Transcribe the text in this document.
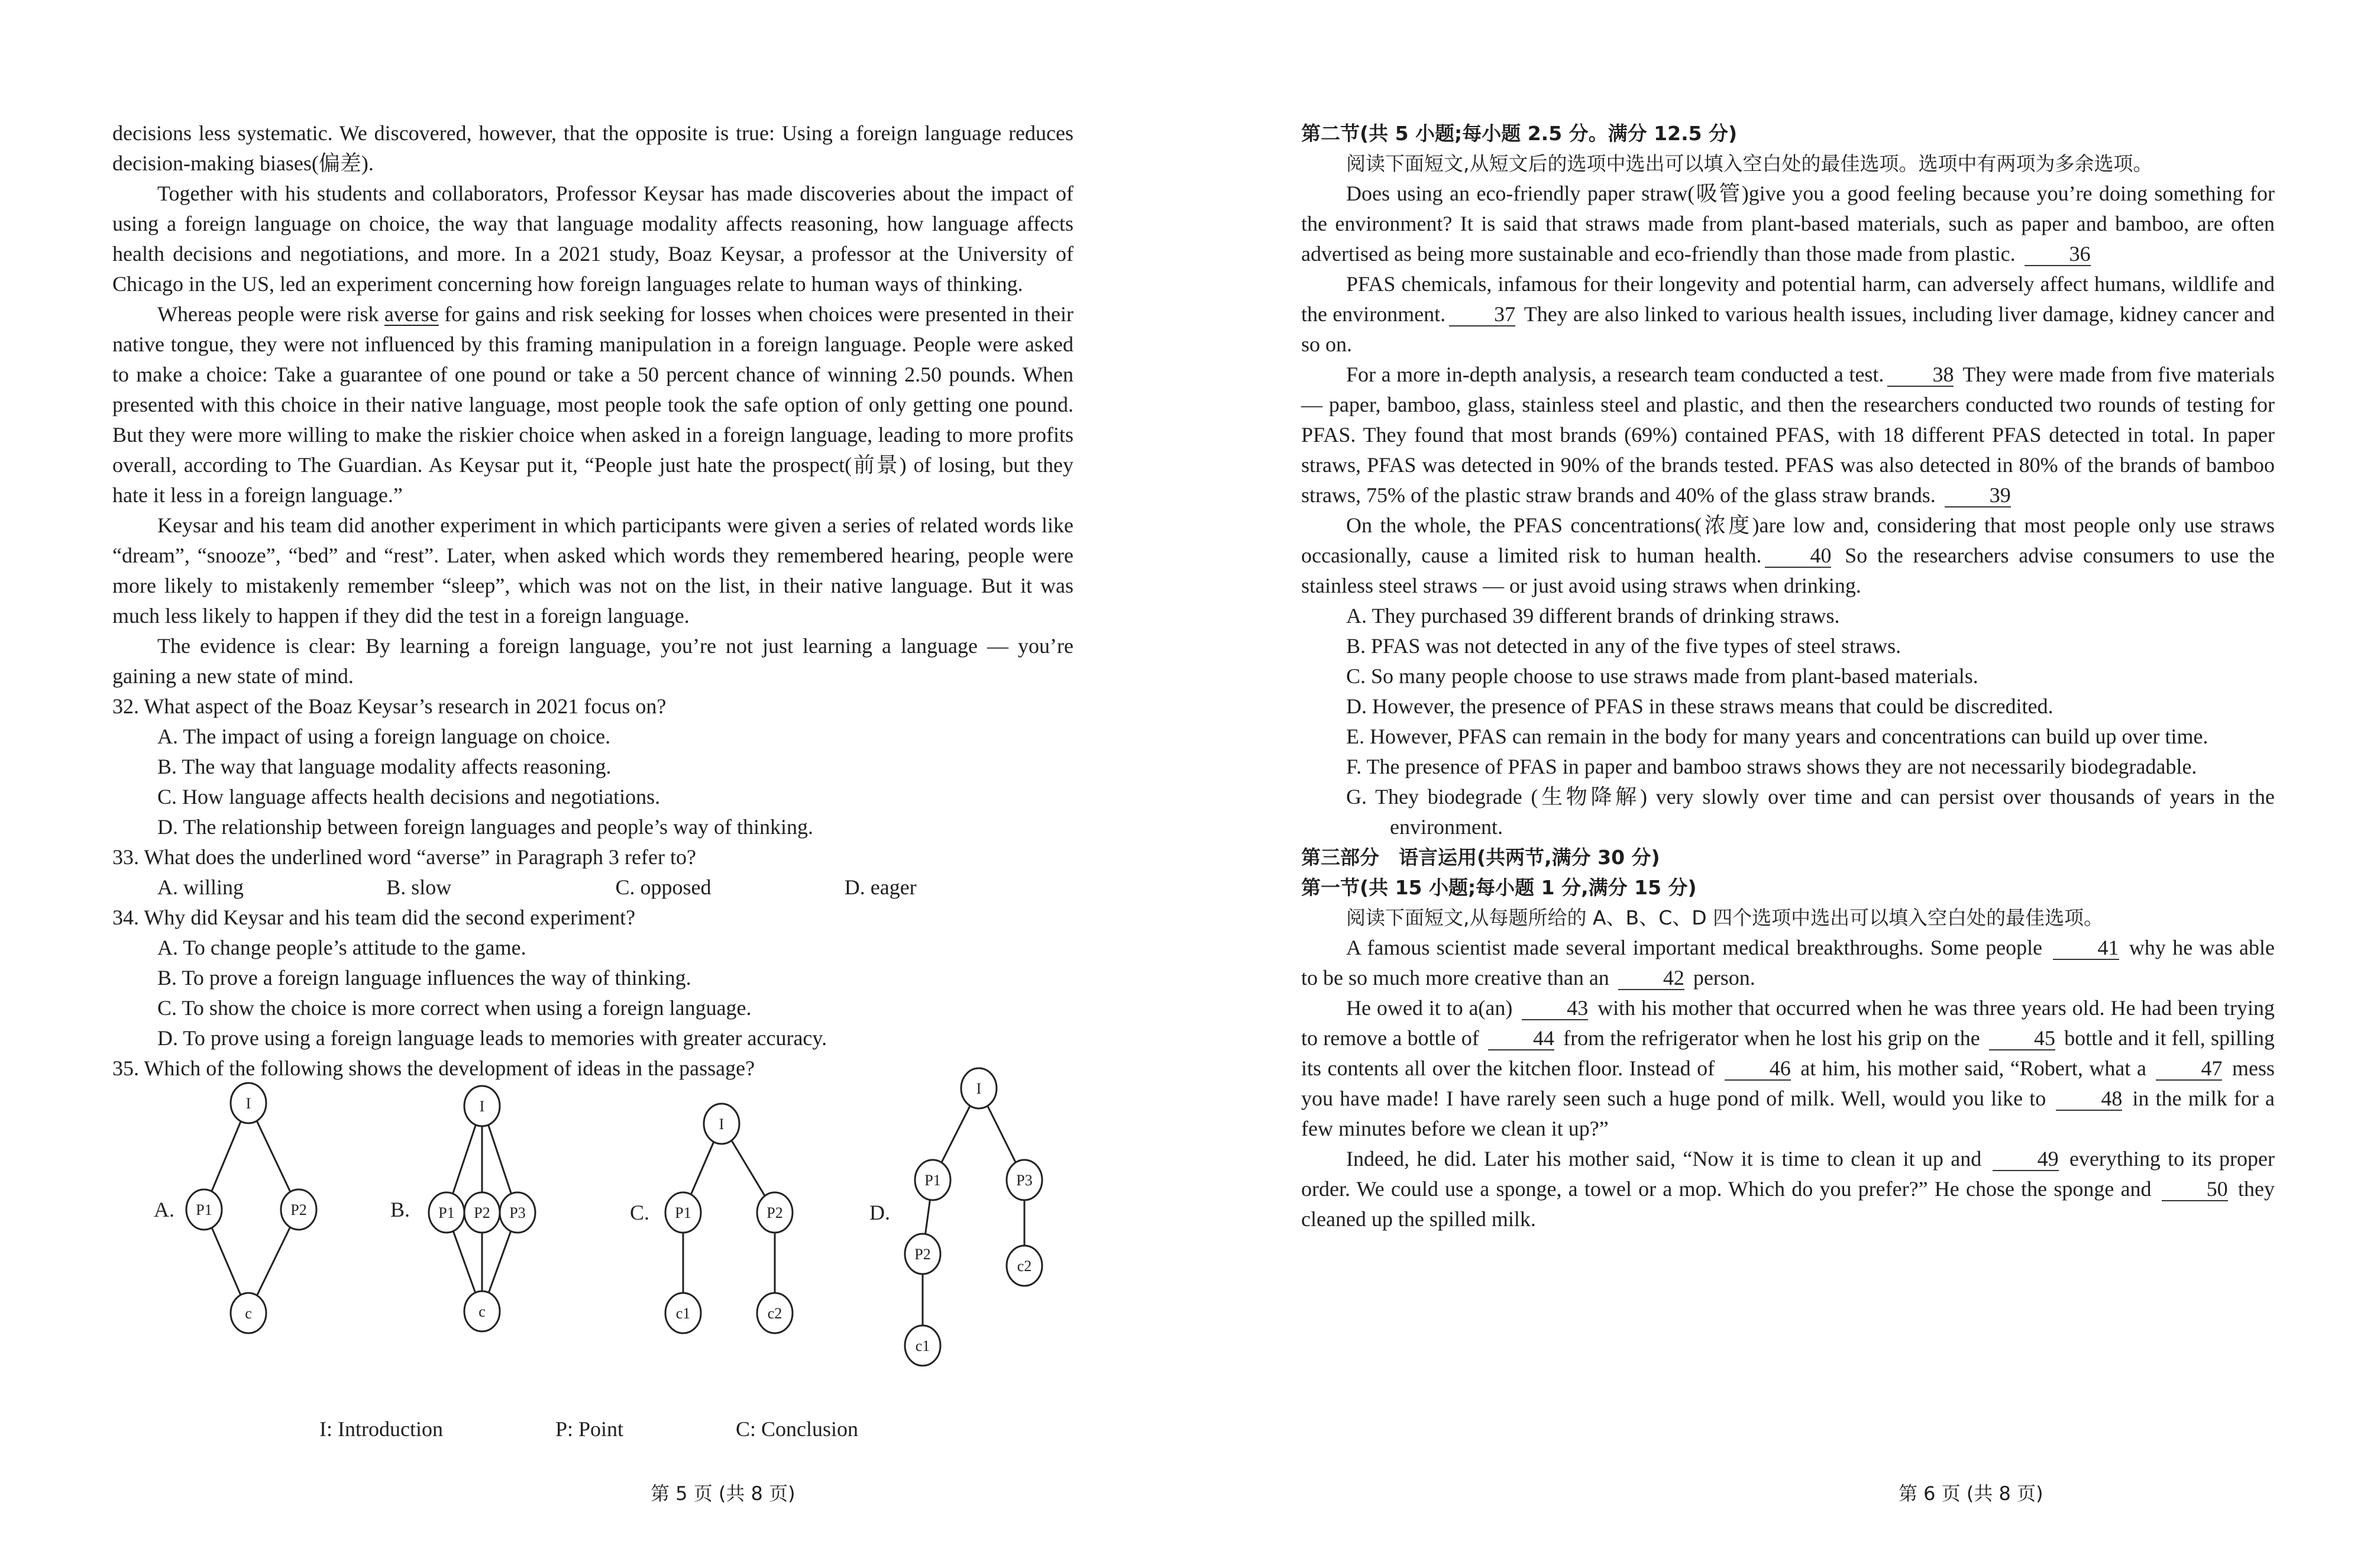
decisions less systematic. We discovered, however, that the opposite is true: Using a foreign language reduces decision-making biases(偏差).

Together with his students and collaborators, Professor Keysar has made discoveries about the impact of using a foreign language on choice, the way that language modality affects reasoning, how language affects health decisions and negotiations, and more. In a 2021 study, Boaz Keysar, a professor at the University of Chicago in the US, led an experiment concerning how foreign languages relate to human ways of thinking.

Whereas people were risk averse for gains and risk seeking for losses when choices were presented in their native tongue, they were not influenced by this framing manipulation in a foreign language. People were asked to make a choice: Take a guarantee of one pound or take a 50 percent chance of winning 2.50 pounds. When presented with this choice in their native language, most people took the safe option of only getting one pound. But they were more willing to make the riskier choice when asked in a foreign language, leading to more profits overall, according to The Guardian. As Keysar put it, “People just hate the prospect(前景) of losing, but they hate it less in a foreign language.”

Keysar and his team did another experiment in which participants were given a series of related words like “dream”, “snooze”, “bed” and “rest”. Later, when asked which words they remembered hearing, people were more likely to mistakenly remember “sleep”, which was not on the list, in their native language. But it was much less likely to happen if they did the test in a foreign language.

The evidence is clear: By learning a foreign language, you’re not just learning a language — you’re gaining a new state of mind.

32. What aspect of the Boaz Keysar’s research in 2021 focus on?

A. The impact of using a foreign language on choice.

B. The way that language modality affects reasoning.

C. How language affects health decisions and negotiations.

D. The relationship between foreign languages and people’s way of thinking.

33. What does the underlined word “averse” in Paragraph 3 refer to?

A. willing	B. slow	C. opposed	D. eager

34. Why did Keysar and his team did the second experiment?

A. To change people’s attitude to the game.

B. To prove a foreign language influences the way of thinking.

C. To show the choice is more correct when using a foreign language.

D. To prove using a foreign language leads to memories with greater accuracy.

35. Which of the following shows the development of ideas in the passage?

A.
I
P1	P2
c
B.
I
P1 P2 P3
c
C.
I
P1	P2
c1	c2
D.
I
P1	P3
P2
c2
c1
I: Introduction	P: Point	C: Conclusion
第 5 页 (共 8 页)

第二节(共 5 小题;每小题 2.5 分。满分 12.5 分)

阅读下面短文,从短文后的选项中选出可以填入空白处的最佳选项。选项中有两项为多余选项。

Does using an eco-friendly paper straw(吸管)give you a good feeling because you’re doing something for the environment? It is said that straws made from plant-based materials, such as paper and bamboo, are often advertised as being more sustainable and eco-friendly than those made from plastic.	36

PFAS chemicals, infamous for their longevity and potential harm, can adversely affect humans, wildlife and the environment. 37 They are also linked to various health issues, including liver damage, kidney cancer and so on.

For a more in-depth analysis, a research team conducted a test. 38 They were made from five materials — paper, bamboo, glass, stainless steel and plastic, and then the researchers conducted two rounds of testing for PFAS. They found that most brands (69%) contained PFAS, with 18 different PFAS detected in total. In paper straws, PFAS was detected in 90% of the brands tested. PFAS was also detected in 80% of the brands of bamboo straws, 75% of the plastic straw brands and 40% of the glass straw brands.	39

On the whole, the PFAS concentrations(浓度)are low and, considering that most people only use straws occasionally, cause a limited risk to human health. 40 So the researchers advise consumers to use the stainless steel straws — or just avoid using straws when drinking.

A. They purchased 39 different brands of drinking straws.

B. PFAS was not detected in any of the five types of steel straws.

C. So many people choose to use straws made from plant-based materials.

D. However, the presence of PFAS in these straws means that could be discredited.

E. However, PFAS can remain in the body for many years and concentrations can build up over time.

F. The presence of PFAS in paper and bamboo straws shows they are not necessarily biodegradable.

G. They biodegrade (生物降解) very slowly over time and can persist over thousands of years in the environment.

第三部分　语言运用(共两节,满分 30 分)

第一节(共 15 小题;每小题 1 分,满分 15 分)

阅读下面短文,从每题所给的 A、B、C、D 四个选项中选出可以填入空白处的最佳选项。

A famous scientist made several important medical breakthroughs. Some people 41 why he was able to be so much more creative than an 42 person.

He owed it to a(an) 43 with his mother that occurred when he was three years old. He had been trying to remove a bottle of 44 from the refrigerator when he lost his grip on the 45 bottle and it fell, spilling its contents all over the kitchen floor. Instead of 46 at him, his mother said, “Robert, what a 47 mess you have made! I have rarely seen such a huge pond of milk. Well, would you like to 48 in the milk for a few minutes before we clean it up?”

Indeed, he did. Later his mother said, “Now it is time to clean it up and 49 everything to its proper order. We could use a sponge, a towel or a mop. Which do you prefer?” He chose the sponge and 50 they cleaned up the spilled milk.

第 6 页 (共 8 页)
